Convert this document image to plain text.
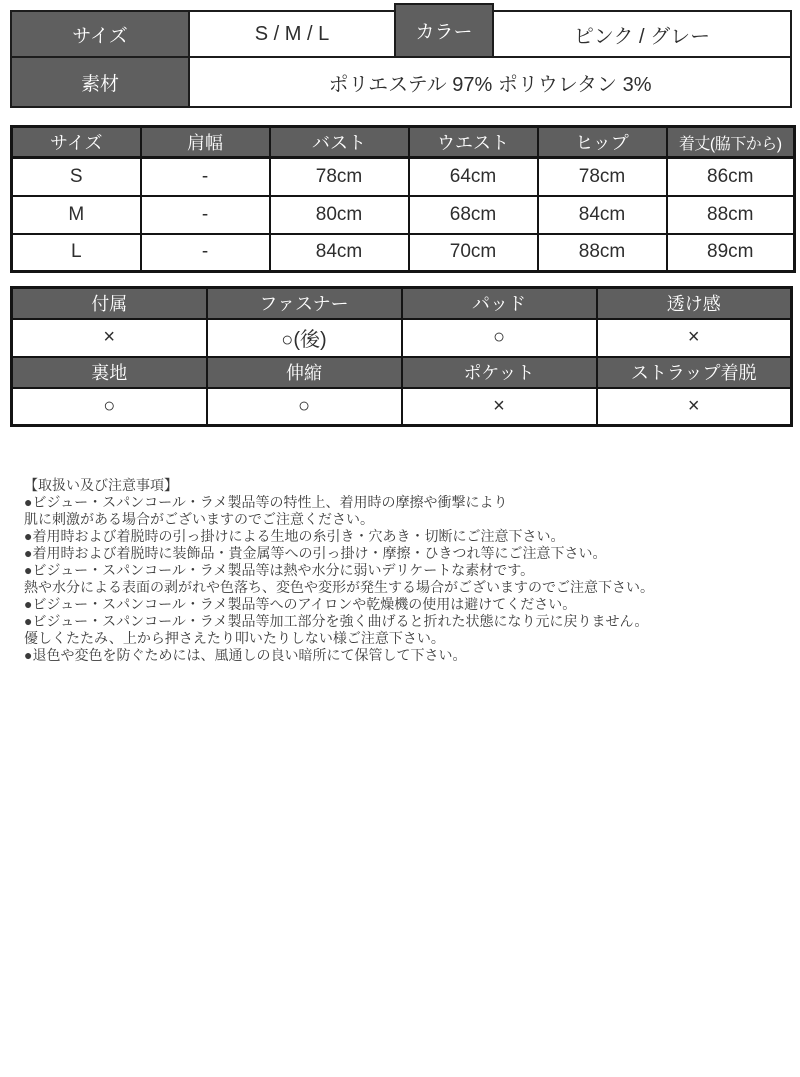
サイズ	S / M / L	カラー	ピンク / グレー
素材	ポリエステル 97% ポリウレタン 3%		
サイズ	肩幅	バスト	ウエスト	ヒップ	着丈(脇下から)
S	-	78cm	64cm	78cm	86cm
M	-	80cm	68cm	84cm	88cm
L	-	84cm	70cm	88cm	89cm
付属	ファスナー	パッド	透け感
×	○(後)	○	×
裏地	伸縮	ポケット	ストラップ着脱
○	○	×	×
【取扱い及び注意事項】
●ビジュー・スパンコール・ラメ製品等の特性上、着用時の摩擦や衝撃により
肌に刺激がある場合がございますのでご注意ください。
●着用時および着脱時の引っ掛けによる生地の糸引き・穴あき・切断にご注意下さい。
●着用時および着脱時に装飾品・貴金属等への引っ掛け・摩擦・ひきつれ等にご注意下さい。
●ビジュー・スパンコール・ラメ製品等は熱や水分に弱いデリケートな素材です。
熱や水分による表面の剥がれや色落ち、変色や変形が発生する場合がございますのでご注意下さい。
●ビジュー・スパンコール・ラメ製品等へのアイロンや乾燥機の使用は避けてください。
●ビジュー・スパンコール・ラメ製品等加工部分を強く曲げると折れた状態になり元に戻りません。
優しくたたみ、上から押さえたり叩いたりしない様ご注意下さい。
●退色や変色を防ぐためには、風通しの良い暗所にて保管して下さい。
